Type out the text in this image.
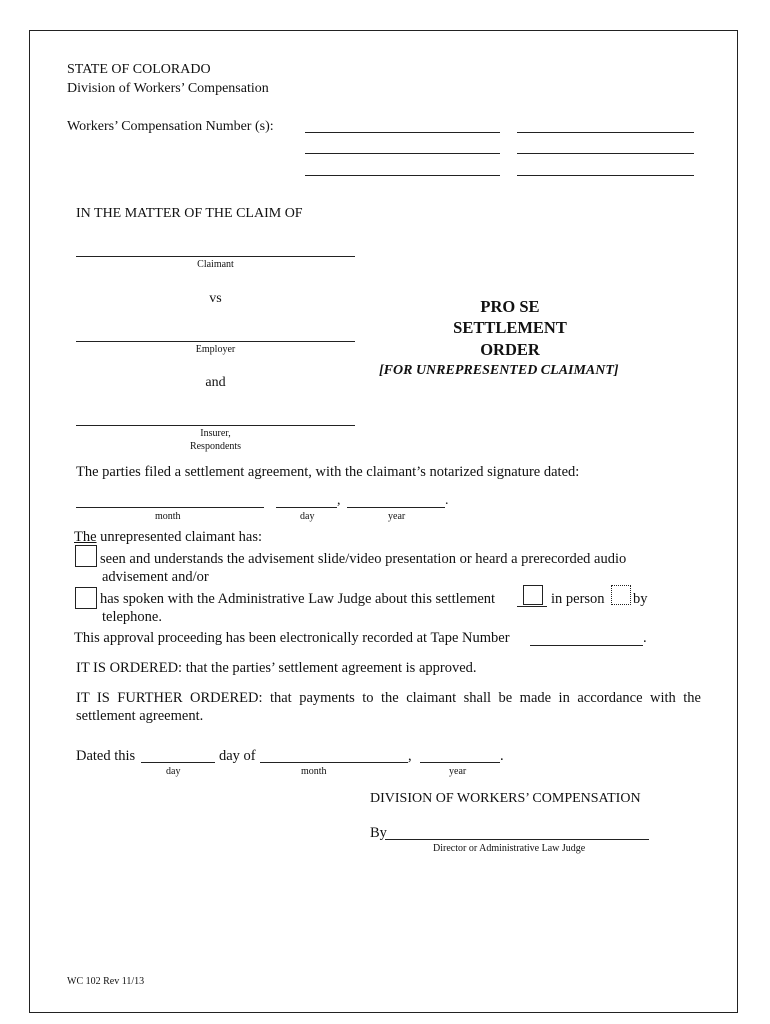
STATE OF COLORADO
Division of Workers’ Compensation
Workers’ Compensation Number (s):
IN THE MATTER OF THE CLAIM OF
Claimant
vs
Employer
and
Insurer,
Respondents
PRO SE
SETTLEMENT
ORDER
[FOR UNREPRESENTED CLAIMANT]
The parties filed a settlement agreement, with the claimant’s notarized signature dated:
,	.
month	day	year
The unrepresented claimant has:
seen and understands the advisement slide/video presentation or heard a prerecorded audio
advisement and/or
has spoken with the Administrative Law Judge about this settlement	in person by
telephone.
This approval proceeding has been electronically recorded at Tape Number	.
IT IS ORDERED: that the parties’ settlement agreement is approved.
IT IS FURTHER ORDERED: that payments to the claimant shall be made in accordance with the
settlement agreement.
Dated this	day of	,	.
day	month	year
DIVISION OF WORKERS’ COMPENSATION
By
Director or Administrative Law Judge
WC 102 Rev 11/13
